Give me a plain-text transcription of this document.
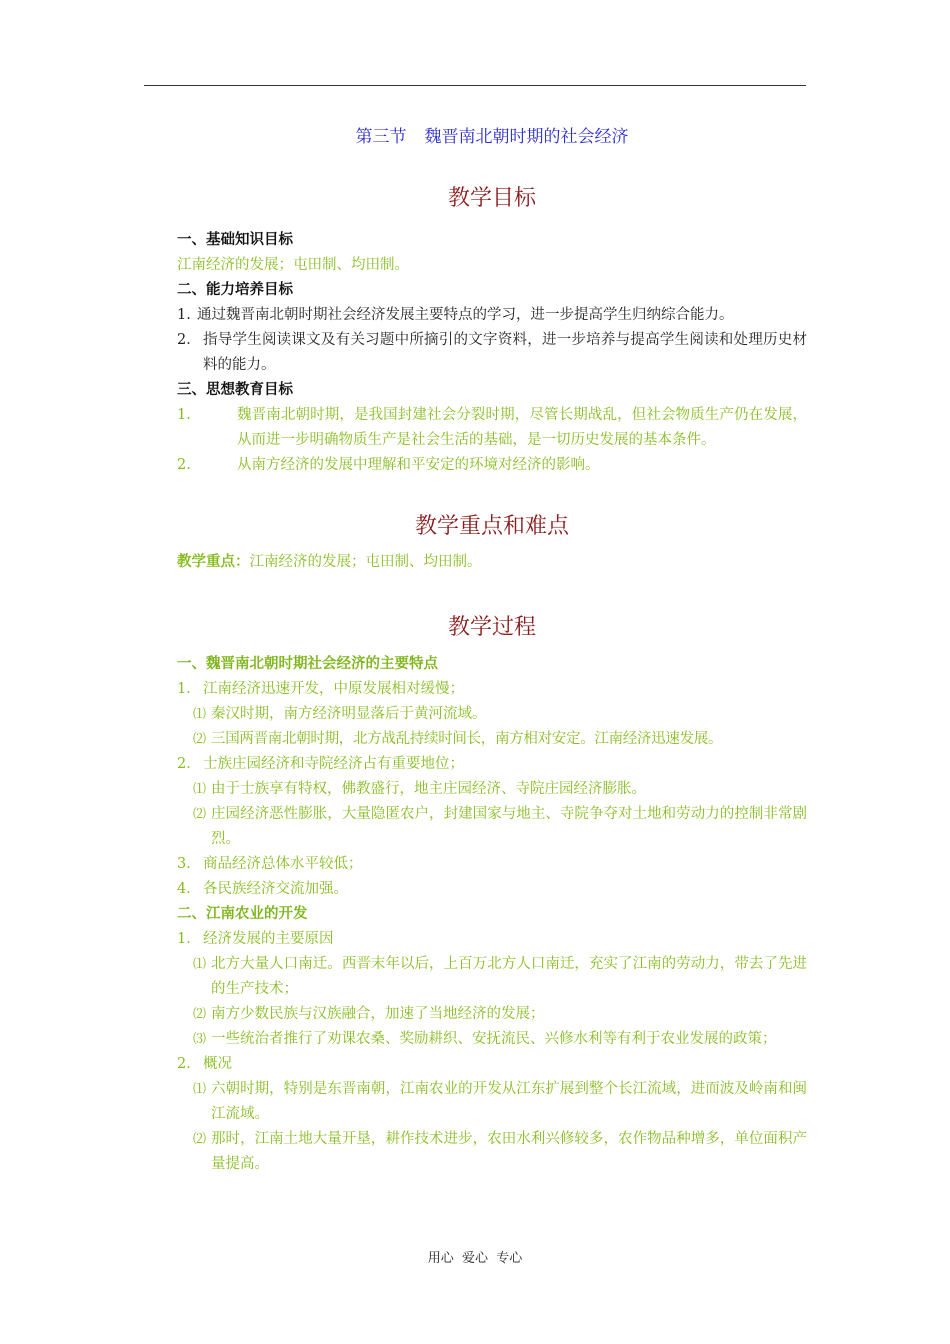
第三节 魏晋南北朝时期的社会经济

教学目标

一、基础知识目标

江南经济的发展；屯田制、均田制。

二、能力培养目标

1. 通过魏晋南北朝时期社会经济发展主要特点的学习，进一步提高学生归纳综合能力。
2． 指导学生阅读课文及有关习题中所摘引的文字资料，进一步培养与提高学生阅读和处理历史材料的能力。

三、思想教育目标

1.	魏晋南北朝时期，是我国封建社会分裂时期，尽管长期战乱，但社会物质生产仍在发展，从而进一步明确物质生产是社会生活的基础，是一切历史发展的基本条件。
2.	从南方经济的发展中理解和平安定的环境对经济的影响。

教学重点和难点

教学重点：江南经济的发展；屯田制、均田制。

教学过程

一、魏晋南北朝时期社会经济的主要特点

1． 江南经济迅速开发，中原发展相对缓慢；
⑴ 秦汉时期，南方经济明显落后于黄河流域。
⑵ 三国两晋南北朝时期，北方战乱持续时间长，南方相对安定。江南经济迅速发展。
2． 士族庄园经济和寺院经济占有重要地位；
⑴ 由于士族享有特权，佛教盛行，地主庄园经济、寺院庄园经济膨胀。
⑵ 庄园经济恶性膨胀，大量隐匿农户，封建国家与地主、寺院争夺对土地和劳动力的控制非常剧烈。
3． 商品经济总体水平较低；
4． 各民族经济交流加强。

二、江南农业的开发

1． 经济发展的主要原因
⑴ 北方大量人口南迁。西晋末年以后，上百万北方人口南迁，充实了江南的劳动力，带去了先进的生产技术；
⑵ 南方少数民族与汉族融合，加速了当地经济的发展；
⑶ 一些统治者推行了劝课农桑、奖励耕织、安抚流民、兴修水利等有利于农业发展的政策；
2． 概况
⑴ 六朝时期，特别是东晋南朝，江南农业的开发从江东扩展到整个长江流域，进而波及岭南和闽江流域。
⑵ 那时，江南土地大量开垦，耕作技术进步，农田水利兴修较多，农作物品种增多，单位面积产量提高。
用心  爱心  专心
